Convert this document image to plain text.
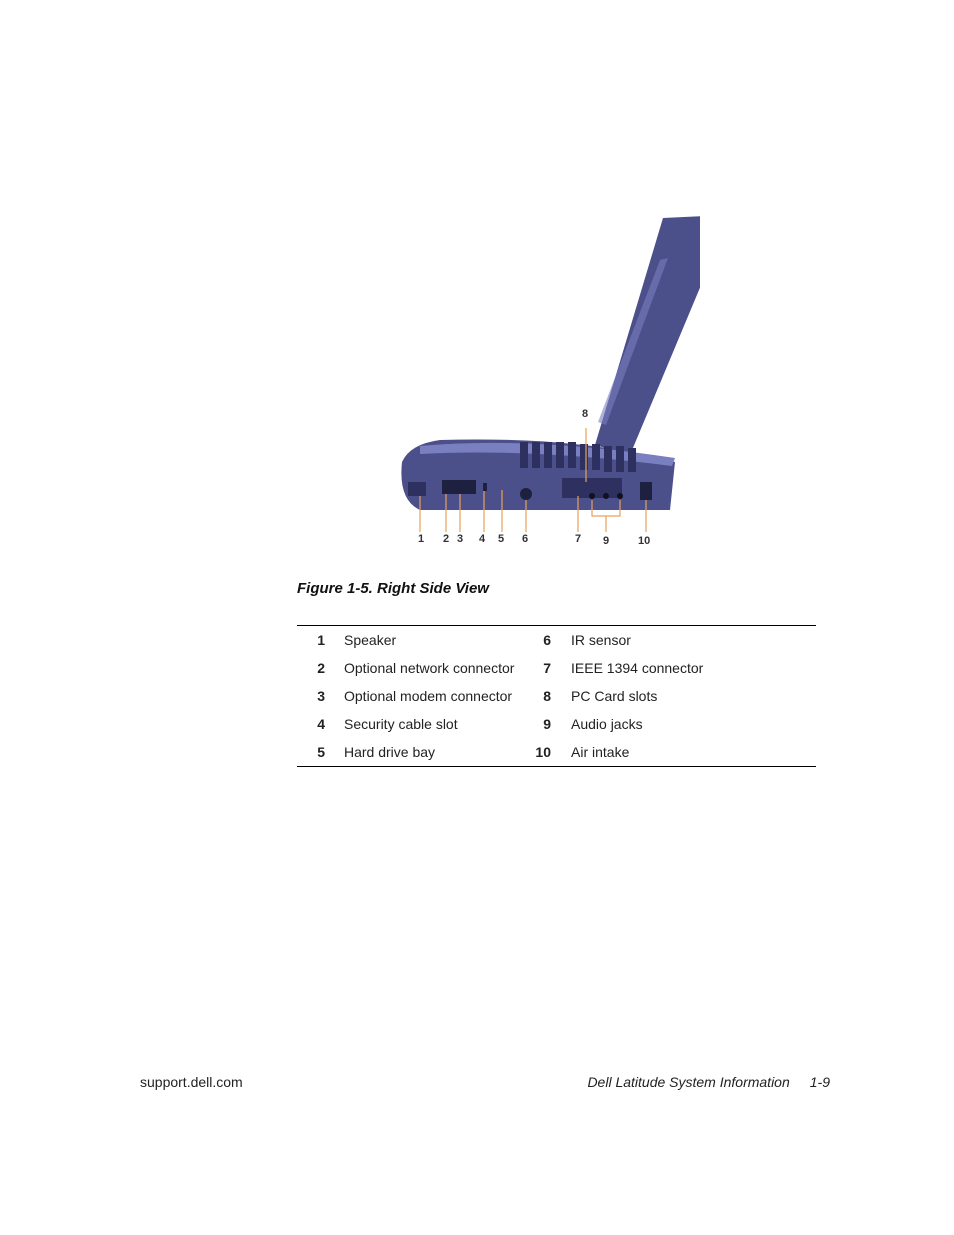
1 2 3 4 5 6	7
8
9	10
Figure 1-5. Right Side View
1	Speaker	6	IR sensor
2	Optional network connector	7	IEEE 1394 connector
3	Optional modem connector	8	PC Card slots
4	Security cable slot	9	Audio jacks
5	Hard drive bay	10	Air intake
support.dell.com	Dell Latitude System Information 1-9
